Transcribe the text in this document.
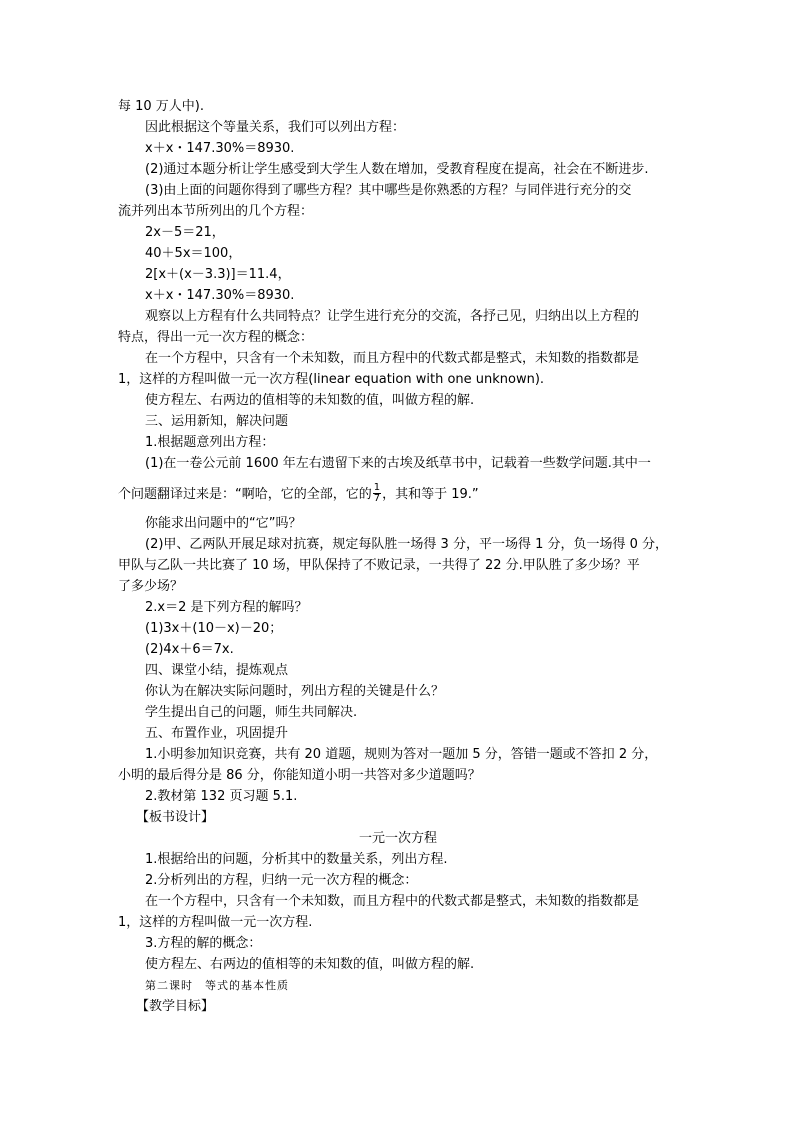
每 10 万人中).
因此根据这个等量关系，我们可以列出方程：
x＋x・147.30%＝8930.
(2)通过本题分析让学生感受到大学生人数在增加，受教育程度在提高，社会在不断进步.
(3)由上面的问题你得到了哪些方程？其中哪些是你熟悉的方程？与同伴进行充分的交
流并列出本节所列出的几个方程：
2x－5＝21，
40＋5x＝100，
2[x＋(x－3.3)]＝11.4，
x＋x・147.30%＝8930.
观察以上方程有什么共同特点？让学生进行充分的交流，各抒己见，归纳出以上方程的
特点，得出一元一次方程的概念：
在一个方程中，只含有一个未知数，而且方程中的代数式都是整式，未知数的指数都是
1，这样的方程叫做一元一次方程(linear equation with one unknown).
使方程左、右两边的值相等的未知数的值，叫做方程的解.
三、运用新知，解决问题
1.根据题意列出方程：
(1)在一卷公元前 1600 年左右遗留下来的古埃及纸草书中，记载着一些数学问题.其中一
个问题翻译过来是：“啊哈，它的全部，它的 $\frac{1}{7}$ ，其和等于 19.”
你能求出问题中的“它”吗？
(2)甲、乙两队开展足球对抗赛，规定每队胜一场得 3 分，平一场得 1 分，负一场得 0 分，
甲队与乙队一共比赛了 10 场，甲队保持了不败记录，一共得了 22 分.甲队胜了多少场？平
了多少场？
2.x＝2 是下列方程的解吗？
(1)3x＋(10－x)－20；
(2)4x＋6＝7x.
四、课堂小结，提炼观点
你认为在解决实际问题时，列出方程的关键是什么？
学生提出自己的问题，师生共同解决.
五、布置作业，巩固提升
1.小明参加知识竞赛，共有 20 道题，规则为答对一题加 5 分，答错一题或不答扣 2 分，
小明的最后得分是 86 分，你能知道小明一共答对多少道题吗？
2.教材第 132 页习题 5.1.
【板书设计】
一元一次方程
1.根据给出的问题，分析其中的数量关系，列出方程.
2.分析列出的方程，归纳一元一次方程的概念：
在一个方程中，只含有一个未知数，而且方程中的代数式都是整式，未知数的指数都是
1，这样的方程叫做一元一次方程.
3.方程的解的概念：
使方程左、右两边的值相等的未知数的值，叫做方程的解.
第二课时　等式的基本性质
【教学目标】
